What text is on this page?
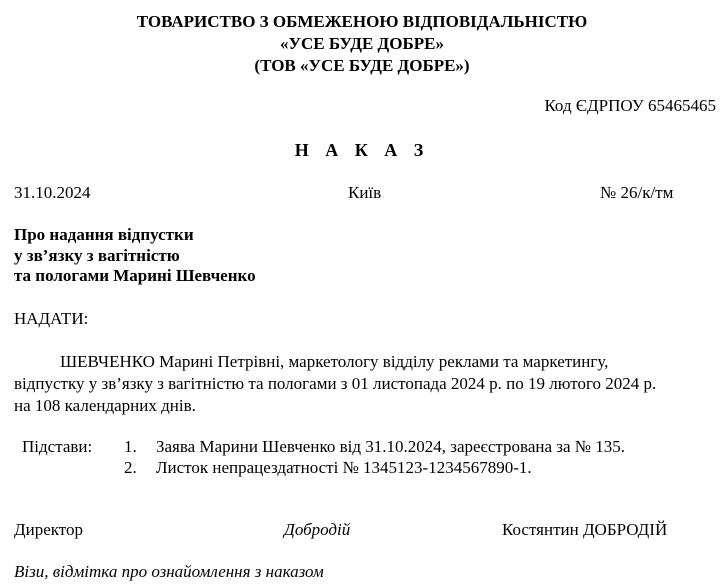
ТОВАРИСТВО З ОБМЕЖЕНОЮ ВІДПОВІДАЛЬНІСТЮ
«УСЕ БУДЕ ДОБРЕ»
(ТОВ «УСЕ БУДЕ ДОБРЕ»)
Код ЄДРПОУ 65465465
Н А К А З
31.10.2024	Київ	№ 26/к/тм
Про надання відпустки
у зв’язку з вагітністю
та пологами Марині Шевченко
НАДАТИ:
ШЕВЧЕНКО Марині Петрівні, маркетологу відділу реклами та маркетингу,
відпустку у зв’язку з вагітністю та пологами з 01 листопада 2024 р. по 19 лютого 2024 р.
на 108 календарних днів.
Підстави: 1. Заява Марини Шевченко від 31.10.2024, зареєстрована за № 135.
2. Листок непрацездатності № 1345123-1234567890-1.
Директор	Добродій	Костянтин ДОБРОДІЙ
Візи, відмітка про ознайомлення з наказом
